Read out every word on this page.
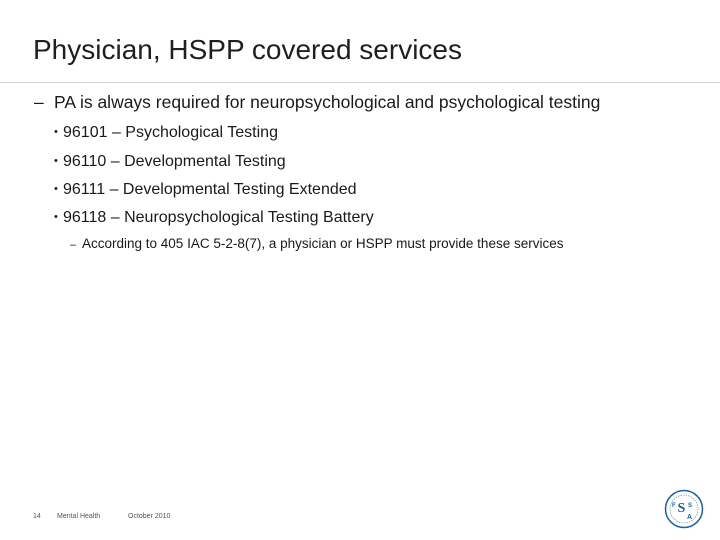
Physician, HSPP covered services
– PA is always required for neuropsychological and psychological testing
• 96101 – Psychological Testing
• 96110 – Developmental Testing
• 96111 – Developmental Testing Extended
• 96118 – Neuropsychological Testing Battery
– According to 405 IAC 5-2-8(7), a physician or HSPP must provide these services
14 Mental Health	October 2010
S
F S
A
